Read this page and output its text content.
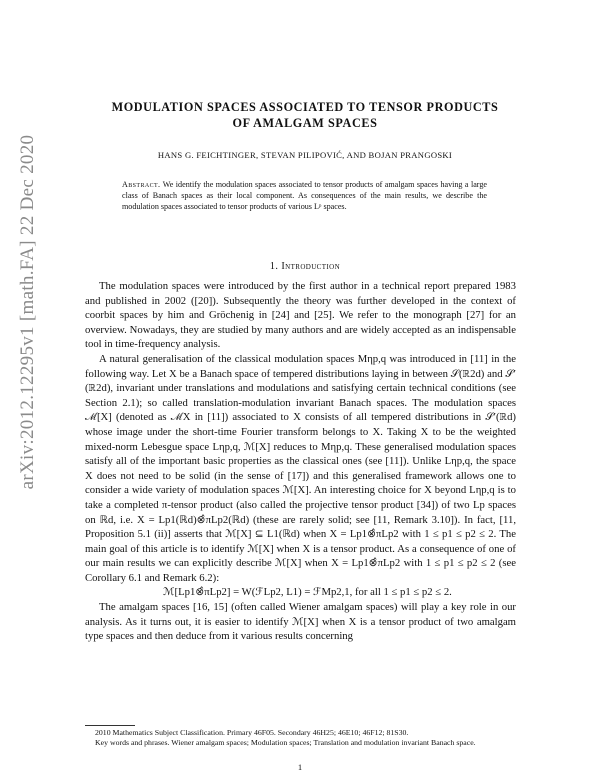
arXiv:2012.12295v1 [math.FA] 22 Dec 2020
MODULATION SPACES ASSOCIATED TO TENSOR PRODUCTS
OF AMALGAM SPACES
HANS G. FEICHTINGER, STEVAN PILIPOVIĆ, AND BOJAN PRANGOSKI
Abstract. We identify the modulation spaces associated to tensor products of amalgam spaces having a large class of Banach spaces as their local component. As consequences of the main results, we describe the modulation spaces associated to tensor products of various Lᵖ spaces.
1. Introduction

The modulation spaces were introduced by the first author in a technical report prepared 1983 and published in 2002 ([20]). Subsequently the theory was further developed in the context of coorbit spaces by him and Gröchenig in [24] and [25]. We refer to the monograph [27] for an overview. Nowadays, they are studied by many authors and are widely accepted as an indispensable tool in time-frequency analysis.

A natural generalisation of the classical modulation spaces Mηp,q was introduced in [11] in the following way. Let X be a Banach space of tempered distributions laying in between 𝒮(ℝ2d) and 𝒮′(ℝ2d), invariant under translations and modulations and satisfying certain technical conditions (see Section 2.1); so called translation-modulation invariant Banach spaces. The modulation spaces ℳ[X] (denoted as ℳX in [11]) associated to X consists of all tempered distributions in 𝒮′(ℝd) whose image under the short-time Fourier transform belongs to X. Taking X to be the weighted mixed-norm Lebesgue space Lηp,q, ℳ[X] reduces to Mηp,q. These generalised modulation spaces satisfy all of the important basic properties as the classical ones (see [11]). Unlike Lηp,q, the space X does not need to be solid (in the sense of [17]) and this generalised framework allows one to consider a wide variety of modulation spaces ℳ[X]. An interesting choice for X beyond Lηp,q is to take a completed π-tensor product (also called the projective tensor product [34]) of two Lp spaces on ℝd, i.e. X = Lp1(ℝd)⊗̂πLp2(ℝd) (these are rarely solid; see [11, Remark 3.10]). In fact, [11, Proposition 5.1 (ii)] asserts that ℳ[X] ⊆ L1(ℝd) when X = Lp1⊗̂πLp2 with 1 ≤ p1 ≤ p2 ≤ 2. The main goal of this article is to identify ℳ[X] when X is a tensor product. As a consequence of one of our main results we can explicitly describe ℳ[X] when X = Lp1⊗̂πLp2 with 1 ≤ p1 ≤ p2 ≤ 2 (see Corollary 6.1 and Remark 6.2):

ℳ[Lp1⊗̂πLp2] = W(ℱLp2, L1) = ℱMp2,1, for all 1 ≤ p1 ≤ p2 ≤ 2.

The amalgam spaces [16, 15] (often called Wiener amalgam spaces) will play a key role in our analysis. As it turns out, it is easier to identify ℳ[X] when X is a tensor product of two amalgam type spaces and then deduce from it various results concerning

2010 Mathematics Subject Classification. Primary 46F05. Secondary 46H25; 46E10; 46F12; 81S30.

Key words and phrases. Wiener amalgam spaces; Modulation spaces; Translation and modulation invariant Banach space.

1
